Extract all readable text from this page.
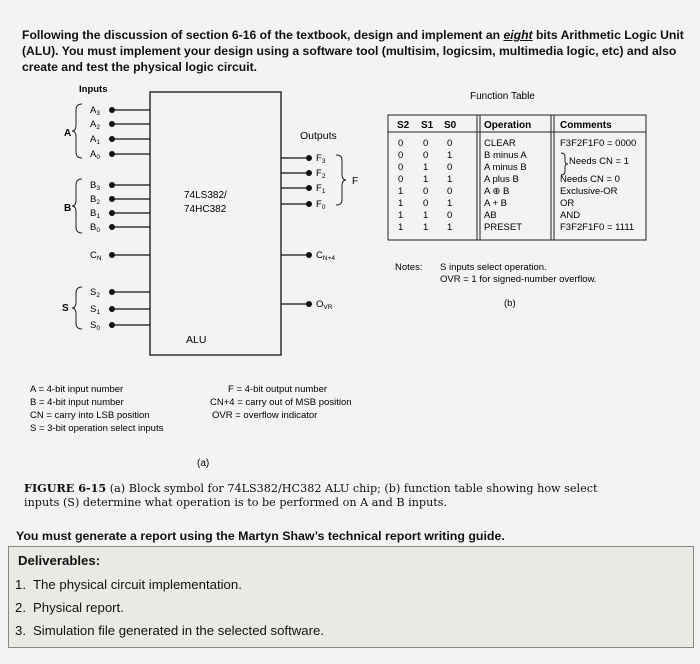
Following the discussion of section 6-16 of the textbook, design and implement an eight bits Arithmetic Logic Unit (ALU). You must implement your design using a software tool (multisim, logicsim, multimedia logic, etc) and also create and test the physical logic circuit.
Inputs
74LS382/
74HC382
ALU
Outputs
A
B
S
F
$A_3$
$A_2$
$A_1$
$A_0$
$B_3$
$B_2$
$B_1$
$B_0$
$C_N$
$S_2$
$S_1$
$S_0$
$F_3$
$F_2$
$F_1$
$F_0$
$C_{N+4}$
$O_{VR}$
A = 4-bit input number
B = 4-bit input number
CN = carry into LSB position
S = 3-bit operation select inputs
F = 4-bit output number
CN+4 = carry out of MSB position
OVR = overflow indicator
(a)
Function Table
S2 S1 S0	Operation	Comments
0 0 0	CLEAR	F3F2F1F0 = 0000
0 0 1	B minus A
Needs CN = 1
0 1 0	A minus B
0 1 1	A plus B	Needs CN = 0
1 0 0	A ⊕ B	Exclusive-OR
1 0 1	A + B	OR
1 1 0	AB	AND
1 1 1	PRESET	F3F2F1F0 = 1111
Notes: S inputs select operation.
OVR = 1 for signed-number overflow.
(b)
FIGURE 6-15 (a) Block symbol for 74LS382/HC382 ALU chip; (b) function table showing how select inputs (S) determine what operation is to be performed on A and B inputs.
You must generate a report using the Martyn Shaw’s technical report writing guide.
Deliverables:
1. The physical circuit implementation.
2. Physical report.
3. Simulation file generated in the selected software.
